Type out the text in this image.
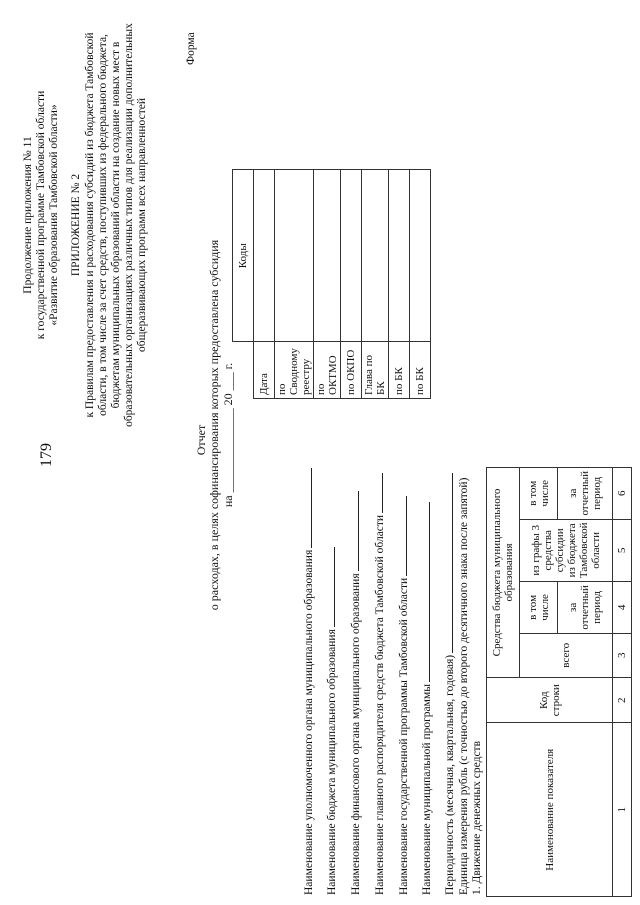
179
Продолжение приложения № 11 к государственной программе Тамбовской области «Развитие образования Тамбовской области» ПРИЛОЖЕНИЕ № 2 к Правилам предоставления и расходования субсидий из бюджета Тамбовской области, в том числе за счет средств, поступивших из федерального бюджета, бюджетам муниципальных образований области на создание новых мест в образовательных организациях различных типов для реализации дополнительных общеразвивающих программ всех направленностей
Форма
Отчет о расходах, в целях софинансирования которых предоставлена субсидия на ______________ 20 ___ г.
	Коды
Дата	
по Сводному реестру	
по ОКТМО	
по ОКПО	
Глава по БК	
по БК	
по БК	
Наименование уполномоченного органа муниципального образования Наименование бюджета муниципального образования Наименование финансового органа муниципального образования Наименование главного распорядителя средств бюджета Тамбовской области Наименование государственной программы Тамбовской области Наименование муниципальной программы Периодичность (месячная, квартальная, годовая) Единица измерения рубль (с точностью до второго десятичного знака после запятой) 1. Движение денежных средств	Наименование показателя	Код строки	Средства бюджета муниципального образования			
		всего	в том числе	из графы 3 средства субсидии из бюджета Тамбовской области	в том числе
			за отчетный период		за отчетный период
1	2	3	4	5	6
